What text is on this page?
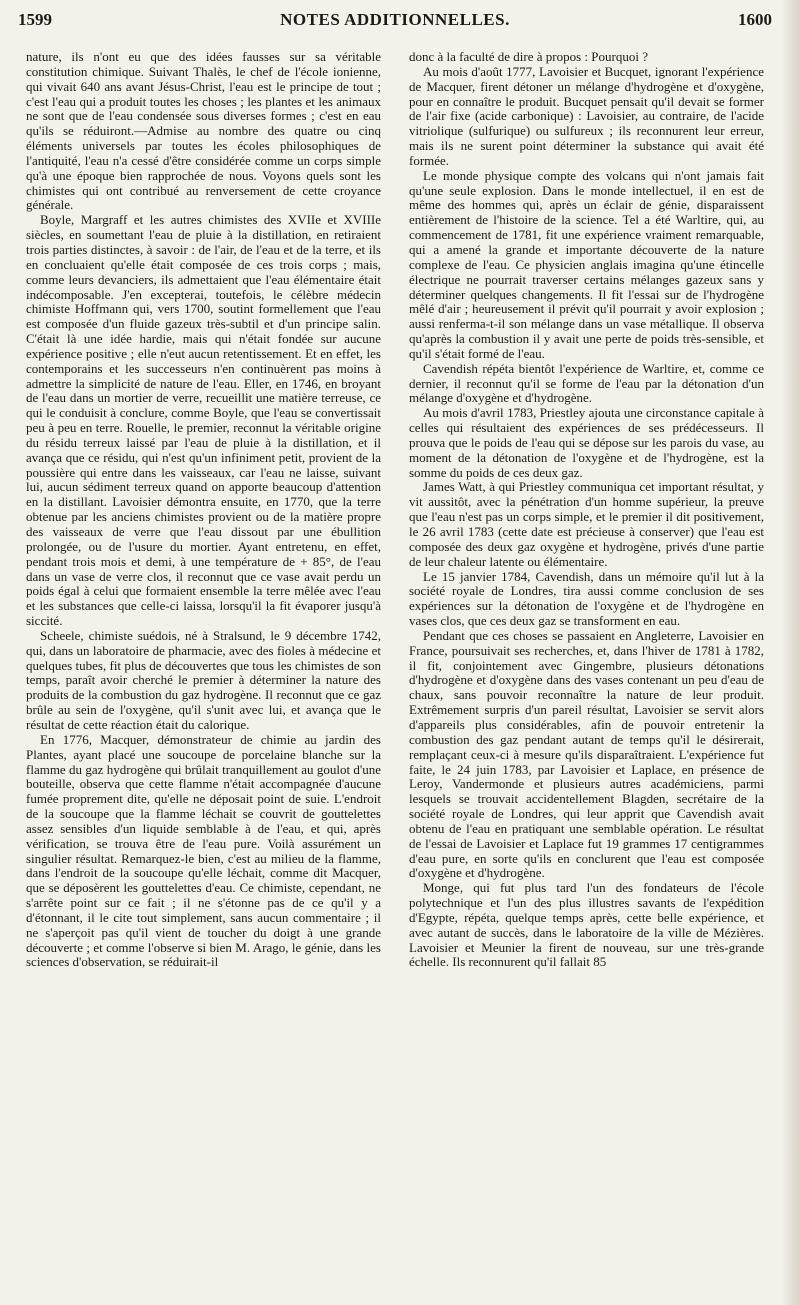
1599	NOTES ADDITIONNELLES.	1600

nature, ils n'ont eu que des idées fausses sur sa véritable constitution chimique. Suivant Thalès, le chef de l'école ionienne, qui vivait 640 ans avant Jésus-Christ, l'eau est le principe de tout ; c'est l'eau qui a produit toutes les choses ; les plantes et les animaux ne sont que de l'eau condensée sous diverses formes ; c'est en eau qu'ils se réduiront.—Admise au nombre des quatre ou cinq éléments universels par toutes les écoles philosophiques de l'antiquité, l'eau n'a cessé d'être considérée comme un corps simple qu'à une époque bien rapprochée de nous. Voyons quels sont les chimistes qui ont contribué au renversement de cette croyance générale.

Boyle, Margraff et les autres chimistes des XVIIe et XVIIIe siècles, en soumettant l'eau de pluie à la distillation, en retiraient trois parties distinctes, à savoir : de l'air, de l'eau et de la terre, et ils en concluaient qu'elle était composée de ces trois corps ; mais, comme leurs devanciers, ils admettaient que l'eau élémentaire était indécomposable. J'en excepterai, toutefois, le célèbre médecin chimiste Hoffmann qui, vers 1700, soutint formellement que l'eau est composée d'un fluide gazeux très-subtil et d'un principe salin. C'était là une idée hardie, mais qui n'était fondée sur aucune expérience positive ; elle n'eut aucun retentissement. Et en effet, les contemporains et les successeurs n'en continuèrent pas moins à admettre la simplicité de nature de l'eau. Eller, en 1746, en broyant de l'eau dans un mortier de verre, recueillit une matière terreuse, ce qui le conduisit à conclure, comme Boyle, que l'eau se convertissait peu à peu en terre. Rouelle, le premier, reconnut la véritable origine du résidu terreux laissé par l'eau de pluie à la distillation, et il avança que ce résidu, qui n'est qu'un infiniment petit, provient de la poussière qui entre dans les vaisseaux, car l'eau ne laisse, suivant lui, aucun sédiment terreux quand on apporte beaucoup d'attention en la distillant. Lavoisier démontra ensuite, en 1770, que la terre obtenue par les anciens chimistes provient ou de la matière propre des vaisseaux de verre que l'eau dissout par une ébullition prolongée, ou de l'usure du mortier. Ayant entretenu, en effet, pendant trois mois et demi, à une température de + 85°, de l'eau dans un vase de verre clos, il reconnut que ce vase avait perdu un poids égal à celui que formaient ensemble la terre mêlée avec l'eau et les substances que celle-ci laissa, lorsqu'il la fit évaporer jusqu'à siccité.

Scheele, chimiste suédois, né à Stralsund, le 9 décembre 1742, qui, dans un laboratoire de pharmacie, avec des fioles à médecine et quelques tubes, fit plus de découvertes que tous les chimistes de son temps, paraît avoir cherché le premier à déterminer la nature des produits de la combustion du gaz hydrogène. Il reconnut que ce gaz brûle au sein de l'oxygène, qu'il s'unit avec lui, et avança que le résultat de cette réaction était du calorique.

En 1776, Macquer, démonstrateur de chimie au jardin des Plantes, ayant placé une soucoupe de porcelaine blanche sur la flamme du gaz hydrogène qui brûlait tranquillement au goulot d'une bouteille, observa que cette flamme n'était accompagnée d'aucune fumée proprement dite, qu'elle ne déposait point de suie. L'endroit de la soucoupe que la flamme léchait se couvrit de gouttelettes assez sensibles d'un liquide semblable à de l'eau, et qui, après vérification, se trouva être de l'eau pure. Voilà assurément un singulier résultat. Remarquez-le bien, c'est au milieu de la flamme, dans l'endroit de la soucoupe qu'elle léchait, comme dit Macquer, que se déposèrent les gouttelettes d'eau. Ce chimiste, cependant, ne s'arrête point sur ce fait ; il ne s'étonne pas de ce qu'il y a d'étonnant, il le cite tout simplement, sans aucun commentaire ; il ne s'aperçoit pas qu'il vient de toucher du doigt à une grande découverte ; et comme l'observe si bien M. Arago, le génie, dans les sciences d'observation, se réduirait-il

donc à la faculté de dire à propos : Pourquoi ?

Au mois d'août 1777, Lavoisier et Bucquet, ignorant l'expérience de Macquer, firent détoner un mélange d'hydrogène et d'oxygène, pour en connaître le produit. Bucquet pensait qu'il devait se former de l'air fixe (acide carbonique) : Lavoisier, au contraire, de l'acide vitriolique (sulfurique) ou sulfureux ; ils reconnurent leur erreur, mais ils ne surent point déterminer la substance qui avait été formée.

Le monde physique compte des volcans qui n'ont jamais fait qu'une seule explosion. Dans le monde intellectuel, il en est de même des hommes qui, après un éclair de génie, disparaissent entièrement de l'histoire de la science. Tel a été Warltire, qui, au commencement de 1781, fit une expérience vraiment remarquable, qui a amené la grande et importante découverte de la nature complexe de l'eau. Ce physicien anglais imagina qu'une étincelle électrique ne pourrait traverser certains mélanges gazeux sans y déterminer quelques changements. Il fit l'essai sur de l'hydrogène mêlé d'air ; heureusement il prévit qu'il pourrait y avoir explosion ; aussi renferma-t-il son mélange dans un vase métallique. Il observa qu'après la combustion il y avait une perte de poids très-sensible, et qu'il s'était formé de l'eau.

Cavendish répéta bientôt l'expérience de Warltire, et, comme ce dernier, il reconnut qu'il se forme de l'eau par la détonation d'un mélange d'oxygène et d'hydrogène.

Au mois d'avril 1783, Priestley ajouta une circonstance capitale à celles qui résultaient des expériences de ses prédécesseurs. Il prouva que le poids de l'eau qui se dépose sur les parois du vase, au moment de la détonation de l'oxygène et de l'hydrogène, est la somme du poids de ces deux gaz.

James Watt, à qui Priestley communiqua cet important résultat, y vit aussitôt, avec la pénétration d'un homme supérieur, la preuve que l'eau n'est pas un corps simple, et le premier il dit positivement, le 26 avril 1783 (cette date est précieuse à conserver) que l'eau est composée des deux gaz oxygène et hydrogène, privés d'une partie de leur chaleur latente ou élémentaire.

Le 15 janvier 1784, Cavendish, dans un mémoire qu'il lut à la société royale de Londres, tira aussi comme conclusion de ses expériences sur la détonation de l'oxygène et de l'hydrogène en vases clos, que ces deux gaz se transforment en eau.

Pendant que ces choses se passaient en Angleterre, Lavoisier en France, poursuivait ses recherches, et, dans l'hiver de 1781 à 1782, il fit, conjointement avec Gingembre, plusieurs détonations d'hydrogène et d'oxygène dans des vases contenant un peu d'eau de chaux, sans pouvoir reconnaître la nature de leur produit. Extrêmement surpris d'un pareil résultat, Lavoisier se servit alors d'appareils plus considérables, afin de pouvoir entretenir la combustion des gaz pendant autant de temps qu'il le désirerait, remplaçant ceux-ci à mesure qu'ils disparaîtraient. L'expérience fut faite, le 24 juin 1783, par Lavoisier et Laplace, en présence de Leroy, Vandermonde et plusieurs autres académiciens, parmi lesquels se trouvait accidentellement Blagden, secrétaire de la société royale de Londres, qui leur apprit que Cavendish avait obtenu de l'eau en pratiquant une semblable opération. Le résultat de l'essai de Lavoisier et Laplace fut 19 grammes 17 centigrammes d'eau pure, en sorte qu'ils en conclurent que l'eau est composée d'oxygène et d'hydrogène.

Monge, qui fut plus tard l'un des fondateurs de l'école polytechnique et l'un des plus illustres savants de l'expédition d'Egypte, répéta, quelque temps après, cette belle expérience, et avec autant de succès, dans le laboratoire de la ville de Mézières. Lavoisier et Meunier la firent de nouveau, sur une très-grande échelle. Ils reconnurent qu'il fallait 85
